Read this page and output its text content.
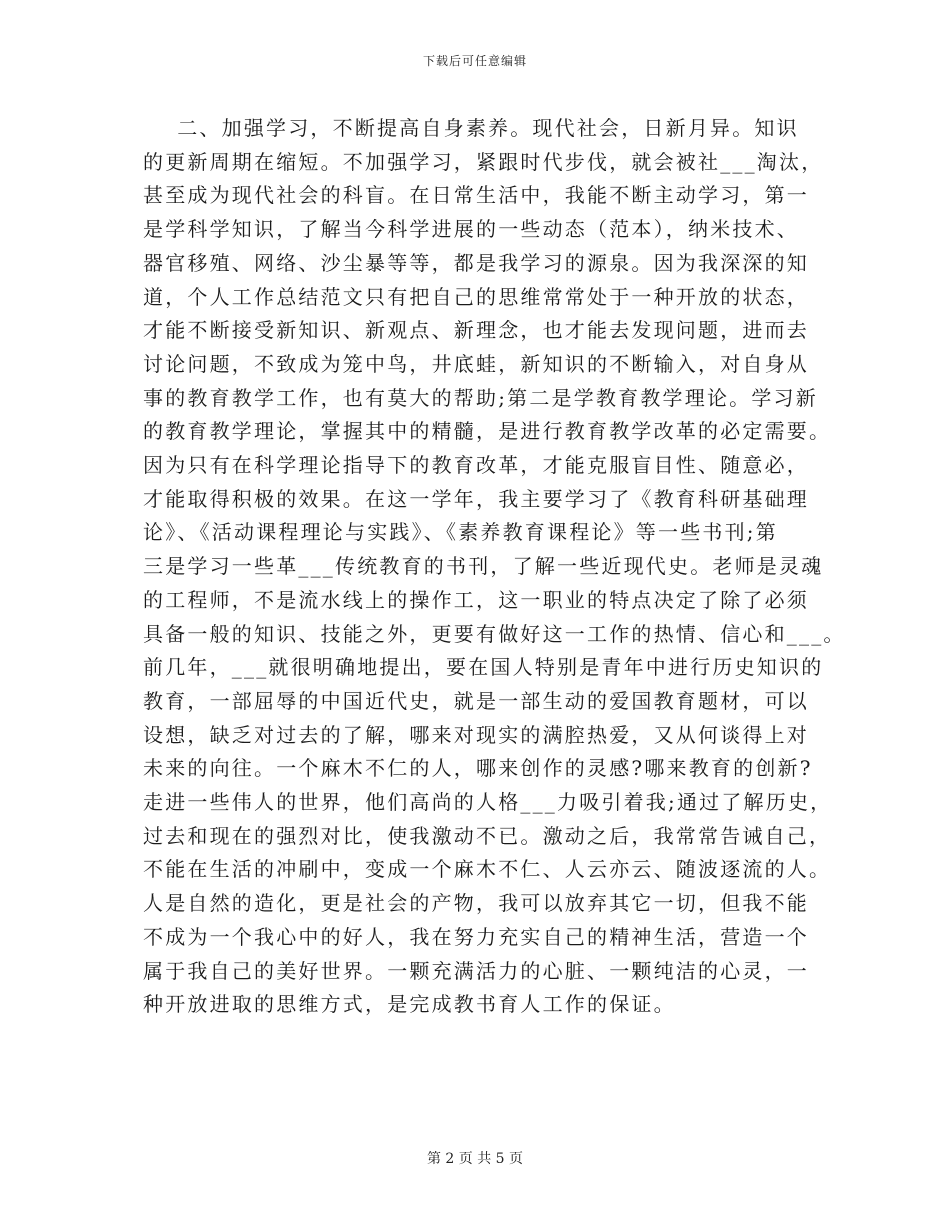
下载后可任意编辑
二、加强学习，不断提高自身素养。现代社会，日新月异。知识
的更新周期在缩短。不加强学习，紧跟时代步伐，就会被社___淘汰，
甚至成为现代社会的科盲。在日常生活中，我能不断主动学习，第一
是学科学知识，了解当今科学进展的一些动态（范本），纳米技术、
器官移殖、网络、沙尘暴等等，都是我学习的源泉。因为我深深的知
道，个人工作总结范文只有把自己的思维常常处于一种开放的状态，
才能不断接受新知识、新观点、新理念，也才能去发现问题，进而去
讨论问题，不致成为笼中鸟，井底蛙，新知识的不断输入，对自身从
事的教育教学工作，也有莫大的帮助;第二是学教育教学理论。学习新
的教育教学理论，掌握其中的精髓，是进行教育教学改革的必定需要。
因为只有在科学理论指导下的教育改革，才能克服盲目性、随意必，
才能取得积极的效果。在这一学年，我主要学习了《教育科研基础理
论》、《活动课程理论与实践》、《素养教育课程论》等一些书刊;第
三是学习一些革___传统教育的书刊，了解一些近现代史。老师是灵魂
的工程师，不是流水线上的操作工，这一职业的特点决定了除了必须
具备一般的知识、技能之外，更要有做好这一工作的热情、信心和___。
前几年，___就很明确地提出，要在国人特别是青年中进行历史知识的
教育，一部屈辱的中国近代史，就是一部生动的爱国教育题材，可以
设想，缺乏对过去的了解，哪来对现实的满腔热爱，又从何谈得上对
未来的向往。一个麻木不仁的人，哪来创作的灵感?哪来教育的创新?
走进一些伟人的世界，他们高尚的人格___力吸引着我;通过了解历史，
过去和现在的强烈对比，使我激动不已。激动之后，我常常告诫自己，
不能在生活的冲刷中，变成一个麻木不仁、人云亦云、随波逐流的人。
人是自然的造化，更是社会的产物，我可以放弃其它一切，但我不能
不成为一个我心中的好人，我在努力充实自己的精神生活，营造一个
属于我自己的美好世界。一颗充满活力的心脏、一颗纯洁的心灵，一
种开放进取的思维方式，是完成教书育人工作的保证。
第 2 页 共 5 页
